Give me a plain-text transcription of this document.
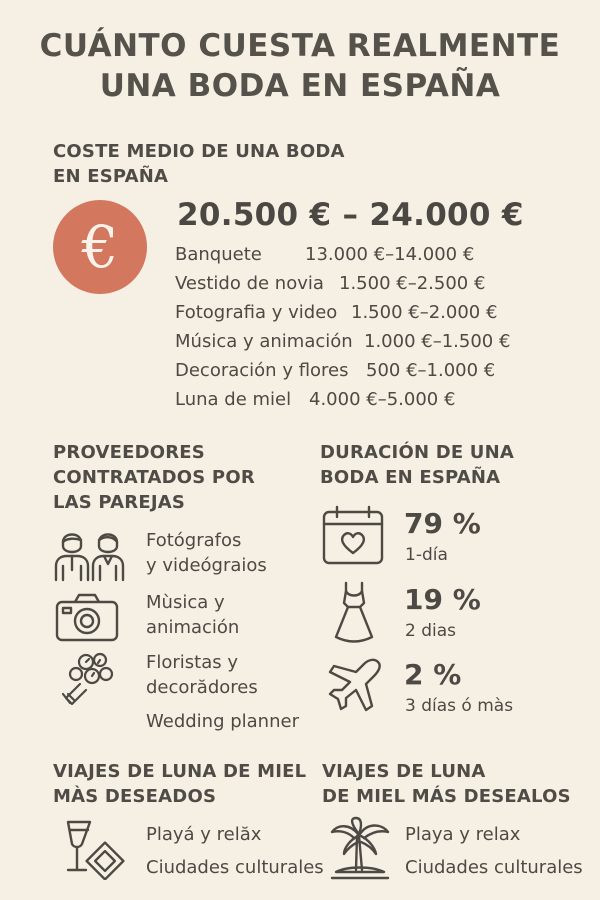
CUÁNTO CUESTA REALMENTE
UNA BODA EN ESPAÑA
COSTE MEDIO DE UNA BODA
EN ESPAÑA
€ 20.500 € – 24.000 €
Banquete 13.000 €–14.000 €
Vestido de novia 1.500 €–2.500 €
Fotografia y video 1.500 €–2.000 €
Música y animación 1.000 €–1.500 €
Decoración y flores 500 €–1.000 €
Luna de miel 4.000 €–5.000 €
PROVEEDORES
CONTRATADOS POR
LAS PAREJAS
Fotógrafos
y videógraios
Mùsica y
animación
Floristas y
decorădores
Wedding planner
DURACIÓN DE UNA
BODA EN ESPAÑA
79 %
1-día
19 %
2 dias
2 %
3 días ó màs
VIAJES DE LUNA DE MIEL
MÀS DESEADOS
Playá y relăx
Ciudades culturales
VIAJES DE LUNA
DE MIEL MÁS DESEALOS
Playa y relax
Ciudades culturales
